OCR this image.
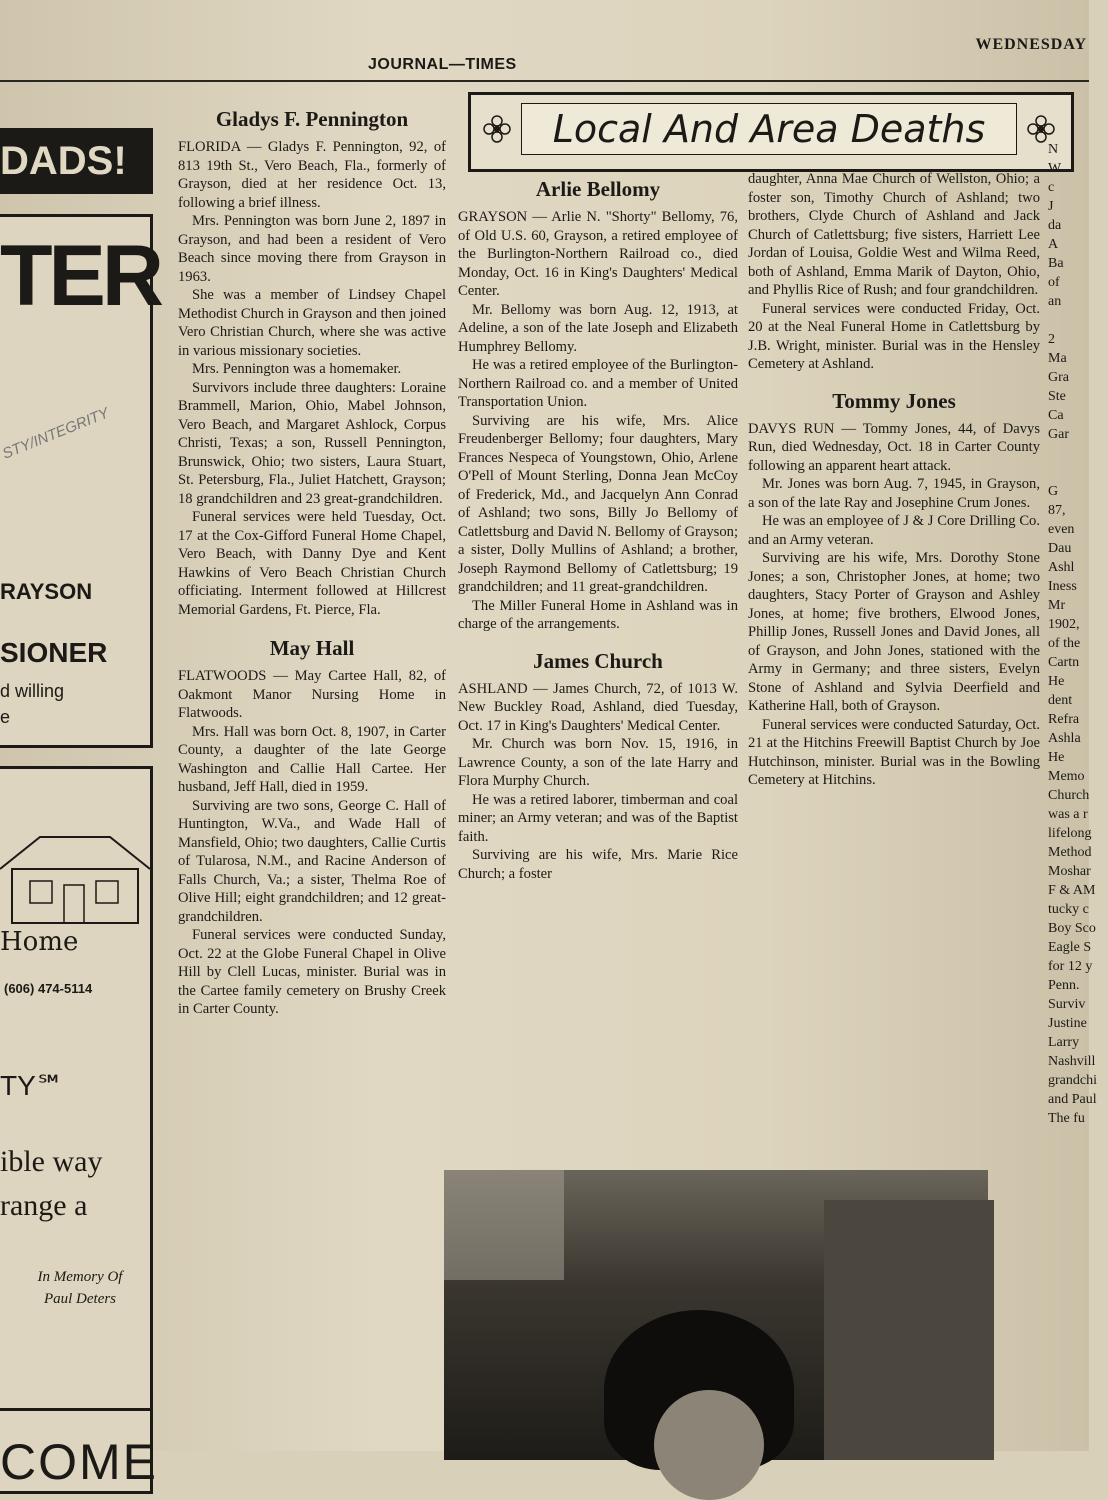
JOURNAL—TIMES
WEDNESDAY
DADS!
TER
STY/INTEGRITY
RAYSON
SIONER
d willing
e
Home
(606) 474-5114
TY℠
ible way
range a
In Memory Of
Paul Deters
COME
Local And Area Deaths
Gladys F. Pennington

FLORIDA — Gladys F. Pennington, 92, of 813 19th St., Vero Beach, Fla., formerly of Grayson, died at her residence Oct. 13, following a brief illness.

Mrs. Pennington was born June 2, 1897 in Grayson, and had been a resident of Vero Beach since moving there from Grayson in 1963.

She was a member of Lindsey Chapel Methodist Church in Grayson and then joined Vero Christian Church, where she was active in various missionary societies.

Mrs. Pennington was a homemaker.

Survivors include three daughters: Loraine Brammell, Marion, Ohio, Mabel Johnson, Vero Beach, and Margaret Ashlock, Corpus Christi, Texas; a son, Russell Pennington, Brunswick, Ohio; two sisters, Laura Stuart, St. Petersburg, Fla., Juliet Hatchett, Grayson; 18 grandchildren and 23 great-grandchildren.

Funeral services were held Tuesday, Oct. 17 at the Cox-Gifford Funeral Home Chapel, Vero Beach, with Danny Dye and Kent Hawkins of Vero Beach Christian Church officiating. Interment followed at Hillcrest Memorial Gardens, Ft. Pierce, Fla.

May Hall

FLATWOODS — May Cartee Hall, 82, of Oakmont Manor Nursing Home in Flatwoods.

Mrs. Hall was born Oct. 8, 1907, in Carter County, a daughter of the late George Washington and Callie Hall Cartee. Her husband, Jeff Hall, died in 1959.

Surviving are two sons, George C. Hall of Huntington, W.Va., and Wade Hall of Mansfield, Ohio; two daughters, Callie Curtis of Tularosa, N.M., and Racine Anderson of Falls Church, Va.; a sister, Thelma Roe of Olive Hill; eight grandchildren; and 12 great-grandchildren.

Funeral services were conducted Sunday, Oct. 22 at the Globe Funeral Chapel in Olive Hill by Clell Lucas, minister. Burial was in the Cartee family cemetery on Brushy Creek in Carter County.

Arlie Bellomy

GRAYSON — Arlie N. "Shorty" Bellomy, 76, of Old U.S. 60, Grayson, a retired employee of the Burlington-Northern Railroad co., died Monday, Oct. 16 in King's Daughters' Medical Center.

Mr. Bellomy was born Aug. 12, 1913, at Adeline, a son of the late Joseph and Elizabeth Humphrey Bellomy.

He was a retired employee of the Burlington-Northern Railroad co. and a member of United Transportation Union.

Surviving are his wife, Mrs. Alice Freudenberger Bellomy; four daughters, Mary Frances Nespeca of Youngstown, Ohio, Arlene O'Pell of Mount Sterling, Donna Jean McCoy of Frederick, Md., and Jacquelyn Ann Conrad of Ashland; two sons, Billy Jo Bellomy of Catlettsburg and David N. Bellomy of Grayson; a sister, Dolly Mullins of Ashland; a brother, Joseph Raymond Bellomy of Catlettsburg; 19 grandchildren; and 11 great-grandchildren.

The Miller Funeral Home in Ashland was in charge of the arrangements.

James Church

ASHLAND — James Church, 72, of 1013 W. New Buckley Road, Ashland, died Tuesday, Oct. 17 in King's Daughters' Medical Center.

Mr. Church was born Nov. 15, 1916, in Lawrence County, a son of the late Harry and Flora Murphy Church.

He was a retired laborer, timberman and coal miner; an Army veteran; and was of the Baptist faith.

Surviving are his wife, Mrs. Marie Rice Church; a foster

daughter, Anna Mae Church of Wellston, Ohio; a foster son, Timothy Church of Ashland; two brothers, Clyde Church of Ashland and Jack Church of Catlettsburg; five sisters, Harriett Lee Jordan of Louisa, Goldie West and Wilma Reed, both of Ashland, Emma Marik of Dayton, Ohio, and Phyllis Rice of Rush; and four grandchildren.

Funeral services were conducted Friday, Oct. 20 at the Neal Funeral Home in Catlettsburg by J.B. Wright, minister. Burial was in the Hensley Cemetery at Ashland.

Tommy Jones

DAVYS RUN — Tommy Jones, 44, of Davys Run, died Wednesday, Oct. 18 in Carter County following an apparent heart attack.

Mr. Jones was born Aug. 7, 1945, in Grayson, a son of the late Ray and Josephine Crum Jones.

He was an employee of J & J Core Drilling Co. and an Army veteran.

Surviving are his wife, Mrs. Dorothy Stone Jones; a son, Christopher Jones, at home; two daughters, Stacy Porter of Grayson and Ashley Jones, at home; five brothers, Elwood Jones, Phillip Jones, Russell Jones and David Jones, all of Grayson, and John Jones, stationed with the Army in Germany; and three sisters, Evelyn Stone of Ashland and Sylvia Deerfield and Katherine Hall, both of Grayson.

Funeral services were conducted Saturday, Oct. 21 at the Hitchins Freewill Baptist Church by Joe Hutchinson, minister. Burial was in the Bowling Cemetery at Hitchins.

N
W
c
J
da
A
Ba
of
an

2
Ma
Gra
Ste
Ca
Gar

G
87,
even
Dau
Ashl
Iness
Mr
1902,
of the
Cartn
He
dent
Refra
Ashla
He
Memo
Church
was a r
lifelong
Method
Moshar
F & AM
tucky c
Boy Sco
Eagle S
for 12 y
Penn.
Surviv
Justine
Larry
Nashvill
grandchi
and Paul
The fu
